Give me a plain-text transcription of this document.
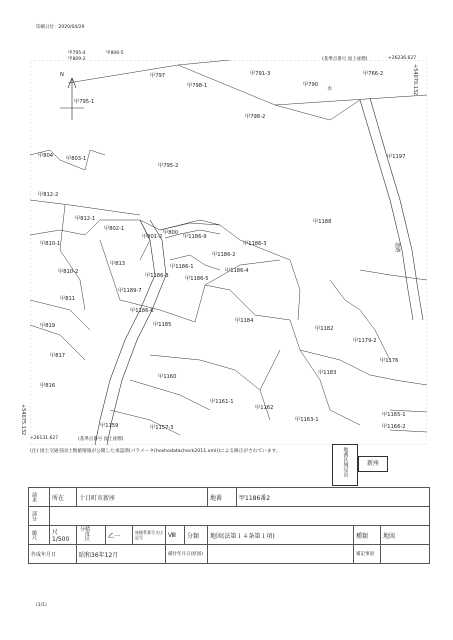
印刷日付：2020/04/29
甲795-4
甲809-2
甲806-5
(基準点番号 図上座標)	+26236.627
+54070.132
+54075.132
+26131.627	(基準点番号 図上座標)
N
水
道路
甲797
甲798-1
甲791-3
甲790
甲766-2
甲795-1
甲798-2
甲804 甲803-1
甲795-2
甲1197
甲812-2
甲812-1	甲1188
甲802-1
甲801-2
甲800
甲810-1
甲1186-9
甲1186-3
甲1186-2
甲813	甲1186-1
甲1186-8
甲1186-4
甲1186-5
甲810-2
甲1189-7
甲811
甲1186-6
甲1184
甲819	甲1185
甲1182
甲1179-2
甲817
甲1176
甲1183
甲1160
甲816
甲1161-1
甲1162
甲1165-1
甲1163-1
甲1166-2
甲1159	甲1157-3
(注) 国土交通省国土数値情報が公開した承認済(パラメータ(hoshodatacheck2011.xml))による修正がされています。	地番区域見出	新座
請求	所在	十日町市新座					地番	甲1186番2		

部分										

縮尺	尺 1/500	精度区分	乙一	座標系番号又は記号	Ⅷ	分類	地図(法第１４条第１項)		種類	地図

作成年月日		昭和36年12月			備付年月日(原図)				補記事項	

(1/1)
